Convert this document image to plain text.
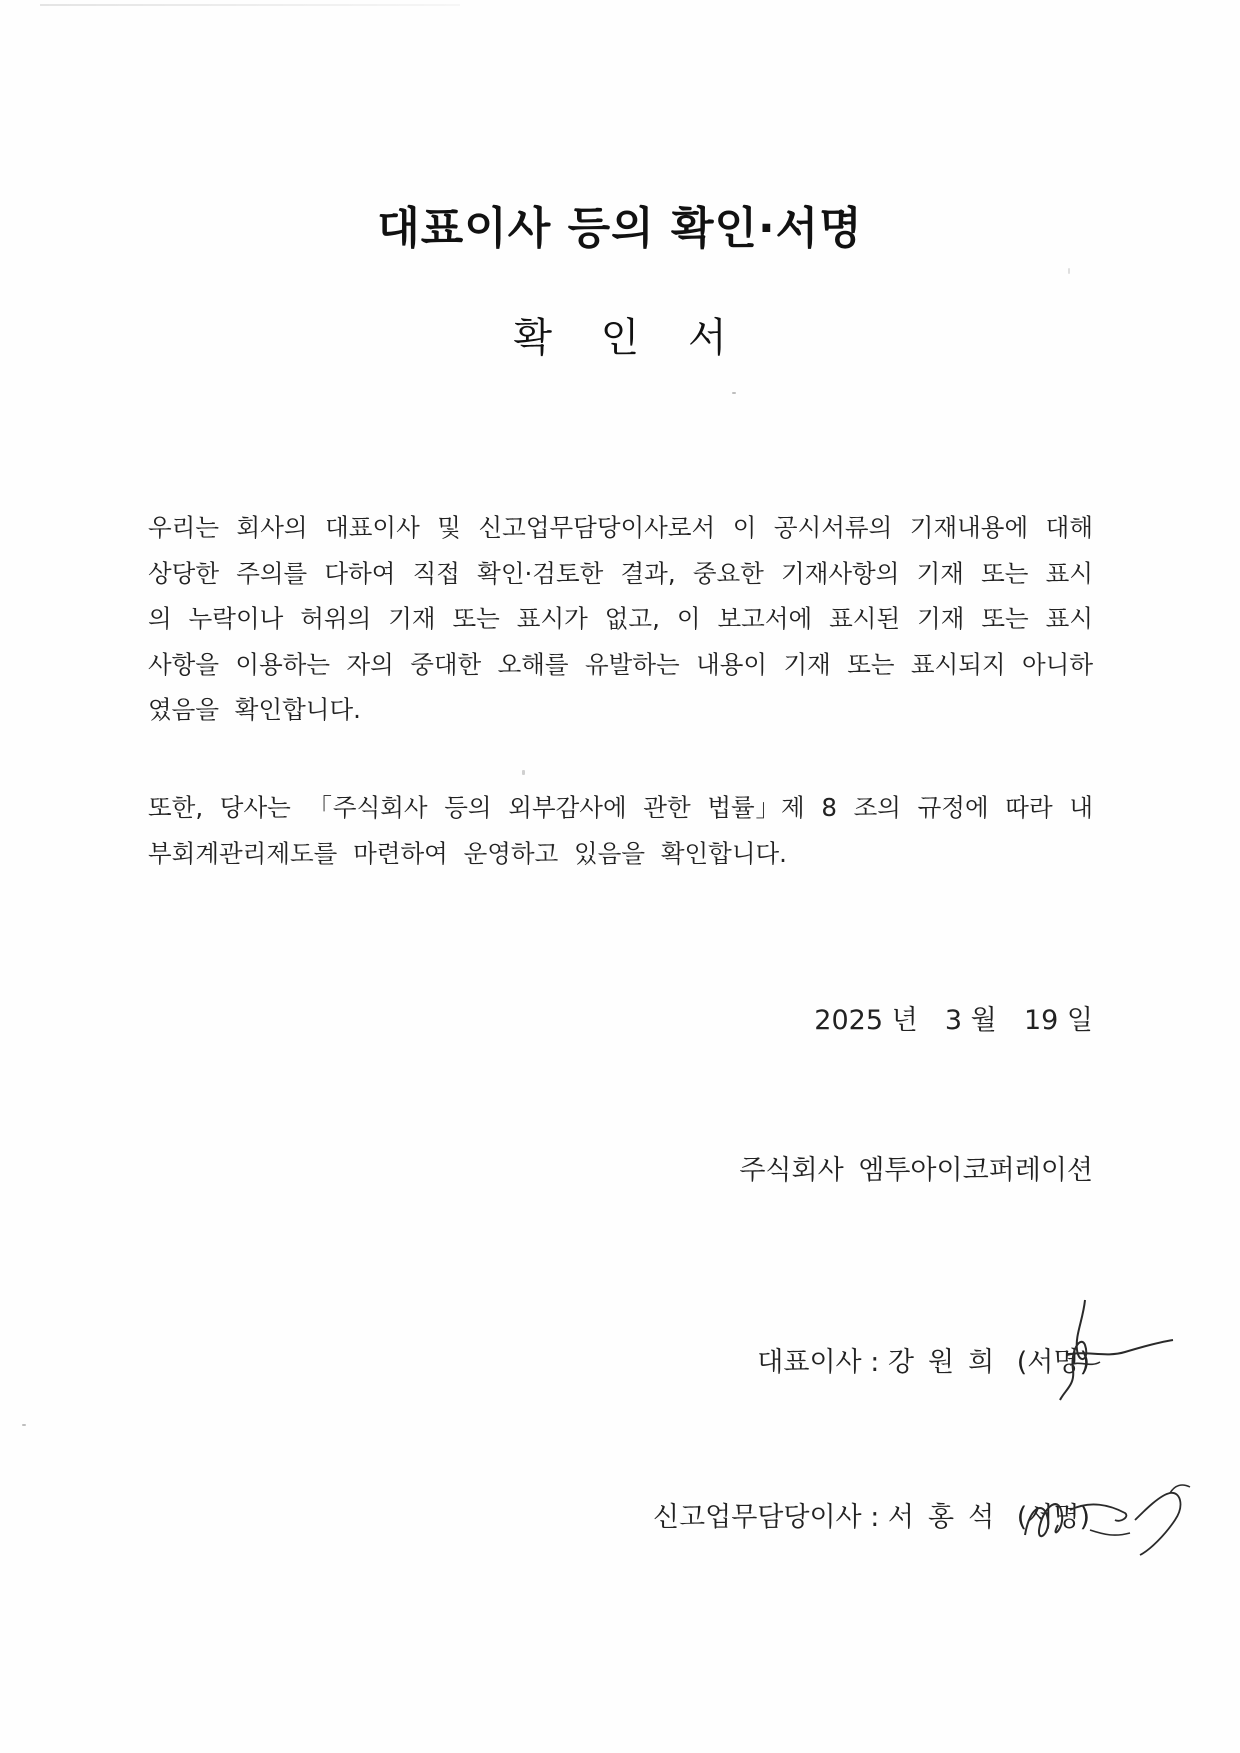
대표이사 등의 확인·서명
확 인 서
우리는 회사의 대표이사 및 신고업무담당이사로서 이 공시서류의 기재내용에 대해 상당한 주의를 다하여 직접 확인·검토한 결과, 중요한 기재사항의 기재 또는 표시의 누락이나 허위의 기재 또는 표시가 없고, 이 보고서에 표시된 기재 또는 표시사항을 이용하는 자의 중대한 오해를 유발하는 내용이 기재 또는 표시되지 아니하였음을 확인합니다.
또한, 당사는 「주식회사 등의 외부감사에 관한 법률」제 8 조의 규정에 따라 내부회계관리제도를 마련하여 운영하고 있음을 확인합니다.
2025 년 3 월 19 일
주식회사 엠투아이코퍼레이션
대표이사 : 강원희 (서명)
신고업무담당이사 : 서홍석 (서명)
